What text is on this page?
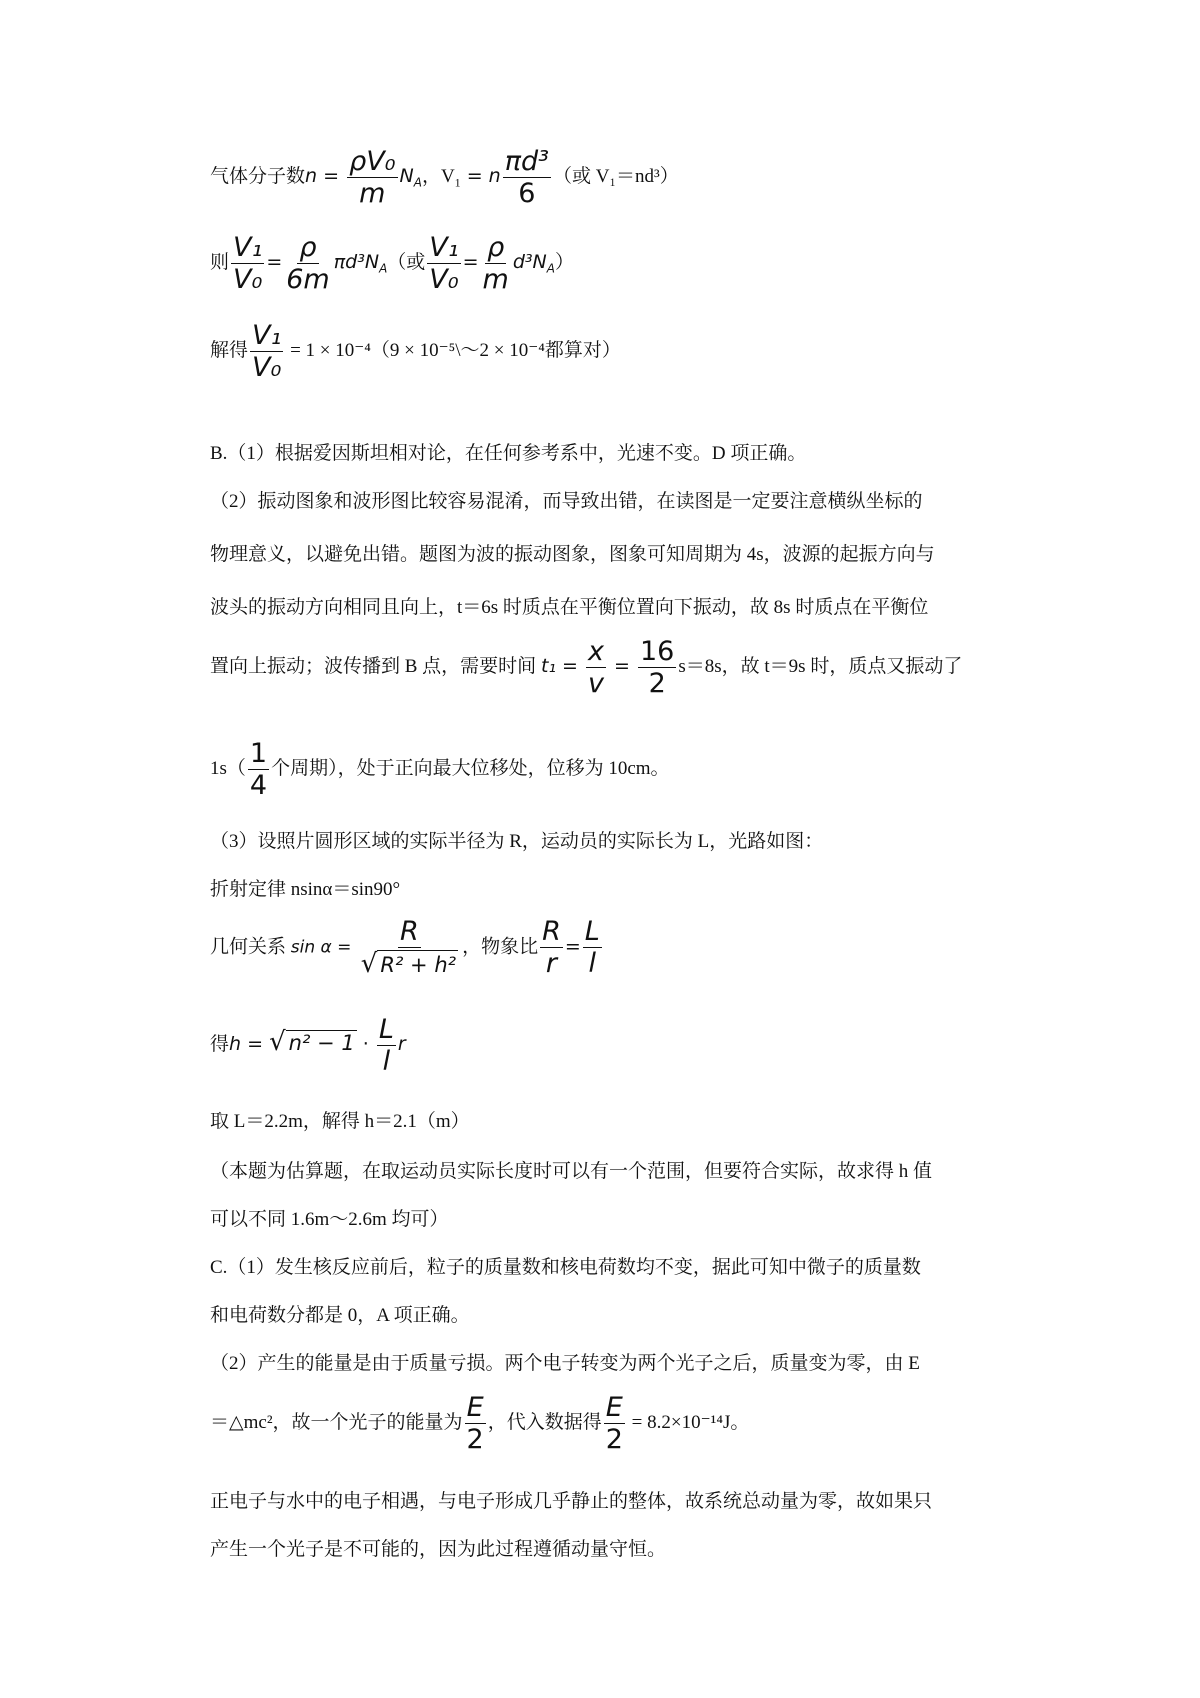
气体分子数$n = \frac{\text{ρV₀}}{m} N_A$，$V_1 = n \frac{\text{πd³}}{6}$ （或 V₁＝nd³）
则 $\frac{\text{V₁}}{\text{V₀}} = \frac{\rho}{6m} \pi d^3N_A$（或 $\frac{\text{V₁}}{\text{V₀}} = \frac{\rho}{m} d^3N_A$）
解得 $\frac{\text{V₁}}{\text{V₀}} = 1 \times 10^{-4}(9$ × 10⁻⁵\～2 × 10⁻⁴都算对）
B.（1）根据爱因斯坦相对论，在任何参考系中，光速不变。D 项正确。
（2）振动图象和波形图比较容易混淆，而导致出错，在读图是一定要注意横纵坐标的
物理意义，以避免出错。题图为波的振动图象，图象可知周期为 4s，波源的起振方向与
波头的振动方向相同且向上，t＝6s 时质点在平衡位置向下振动，故 8s 时质点在平衡位
置向上振动；波传播到 B 点，需要时间 $t_1 = \frac{x}{v} = \frac{16}{2} s=8s$，故 t＝9s 时，质点又振动了
$1s( \frac{1}{4}$ 个周期），处于正向最大位移处，位移为 10cm。
（3）设照片圆形区域的实际半径为 R，运动员的实际长为 L，光路如图：
折射定律 nsinα＝sin90°
几何关系 $\sin \alpha = \frac{R}{\text{√ R² + h²}}$ ，物象比 $\frac{R}{r} = \frac{L}{l}$
得h = √ $n^2 - 1 \cdot \frac{L}{l}$ r
取 L＝2.2m，解得 h＝2.1（m）
（本题为估算题，在取运动员实际长度时可以有一个范围，但要符合实际，故求得 h 值
可以不同 1.6m～2.6m 均可）
C.（1）发生核反应前后，粒子的质量数和核电荷数均不变，据此可知中微子的质量数
和电荷数分都是 0，A 项正确。
（2）产生的能量是由于质量亏损。两个电子转变为两个光子之后，质量变为零，由 E
＝△mc²，故一个光子的能量为 $\frac{E}{2}$ ，代入数据得 $\frac{E}{2} = 8.2\times 10^{-14}J$。
正电子与水中的电子相遇，与电子形成几乎静止的整体，故系统总动量为零，故如果只
产生一个光子是不可能的，因为此过程遵循动量守恒。
